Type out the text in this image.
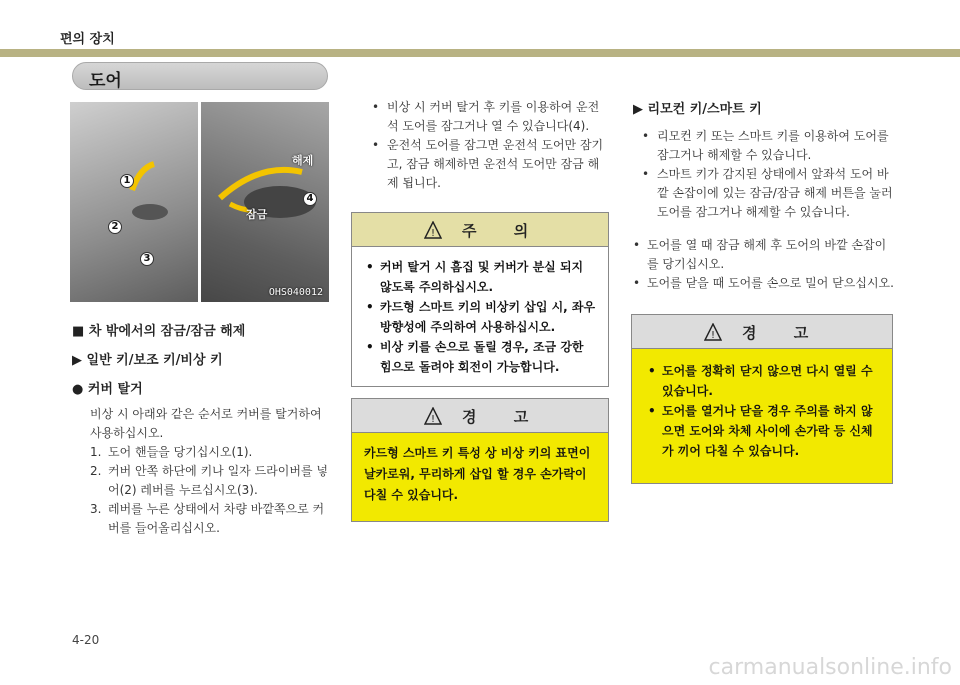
편의 장치
도어
1
2
3
4
해제
잠금
OHS040012
■ 차 밖에서의 잠금/잠금 해제
▶ 일반 키/보조 키/비상 키
● 커버 탈거
비상 시 아래와 같은 순서로 커버를 탈거하여 사용하십시오.
1. 도어 핸들을 당기십시오(1).
2. 커버 안쪽 하단에 키나 일자 드라이버를 넣어(2) 레버를 누르십시오(3).
3. 레버를 누른 상태에서 차량 바깥쪽으로 커버를 들어올리십시오.
• 비상 시 커버 탈거 후 키를 이용하여 운전석 도어를 잠그거나 열 수 있습니다(4).
• 운전석 도어를 잠그면 운전석 도어만 잠기고, 잠금 해제하면 운전석 도어만 잠금 해제 됩니다.
! 주 의
• 커버 탈거 시 흠집 및 커버가 분실 되지 않도록 주의하십시오.
• 카드형 스마트 키의 비상키 삽입 시, 좌우 방향성에 주의하여 사용하십시오.
• 비상 키를 손으로 돌릴 경우, 조금 강한 힘으로 돌려야 회전이 가능합니다.
! 경 고
카드형 스마트 키 특성 상 비상 키의 표면이 날카로워, 무리하게 삽입 할 경우 손가락이 다칠 수 있습니다.
▶ 리모컨 키/스마트 키
• 리모컨 키 또는 스마트 키를 이용하여 도어를 잠그거나 해제할 수 있습니다.
• 스마트 키가 감지된 상태에서 앞좌석 도어 바깥 손잡이에 있는 잠금/잠금 해제 버튼을 눌러 도어를 잠그거나 해제할 수 있습니다.
• 도어를 열 때 잠금 해제 후 도어의 바깥 손잡이를 당기십시오.
• 도어를 닫을 때 도어를 손으로 밀어 닫으십시오.
! 경 고
• 도어를 정확히 닫지 않으면 다시 열릴 수 있습니다.
• 도어를 열거나 닫을 경우 주의를 하지 않으면 도어와 차체 사이에 손가락 등 신체가 끼어 다칠 수 있습니다.
4-20
carmanualsonline.info
